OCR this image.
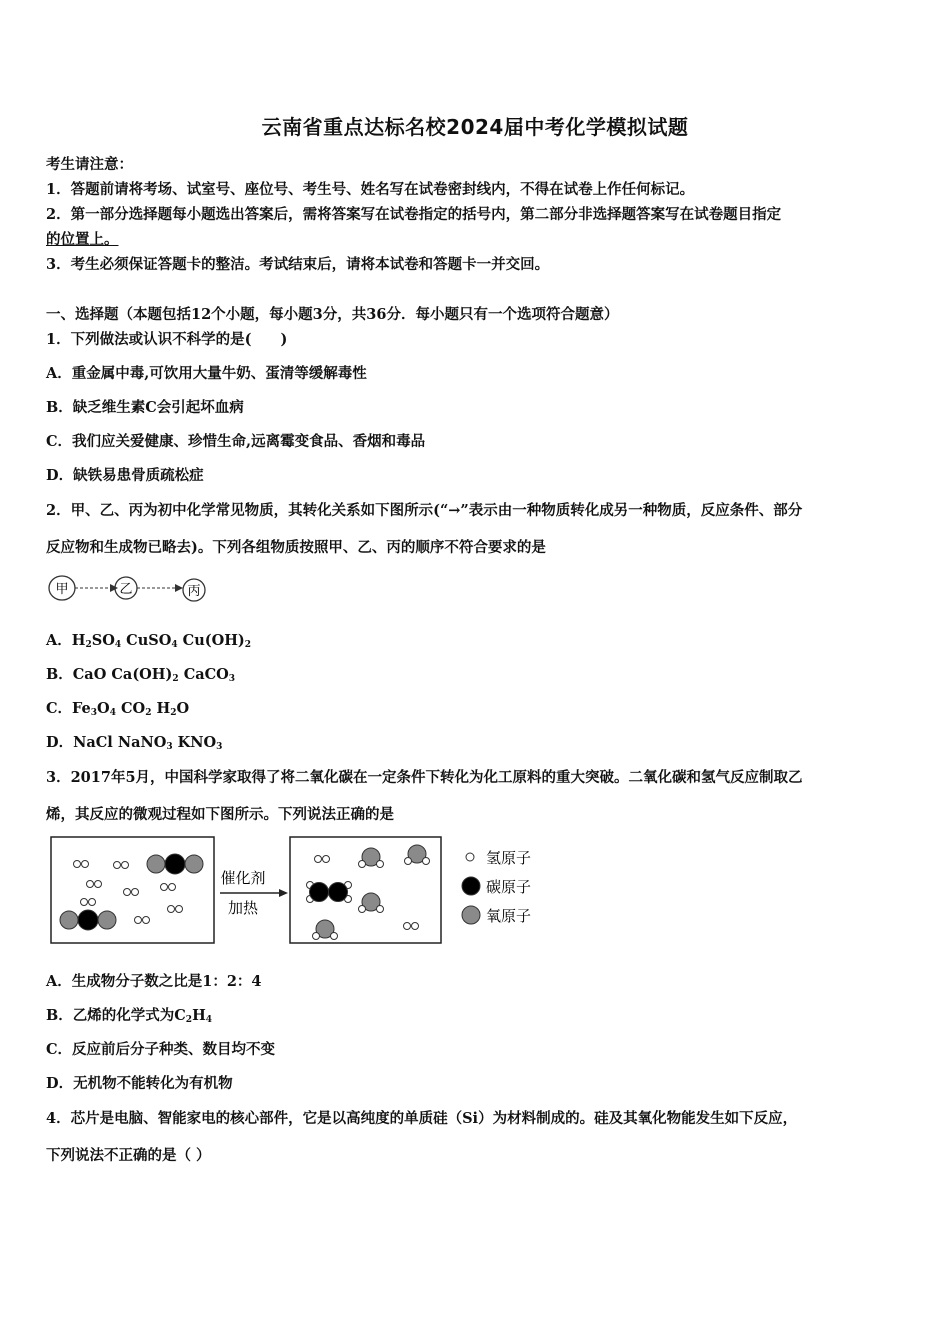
云南省重点达标名校2024届中考化学模拟试题
考生请注意：
1．答题前请将考场、试室号、座位号、考生号、姓名写在试卷密封线内，不得在试卷上作任何标记。
2．第一部分选择题每小题选出答案后，需将答案写在试卷指定的括号内，第二部分非选择题答案写在试卷题目指定
的位置上。
3．考生必须保证答题卡的整洁。考试结束后，请将本试卷和答题卡一并交回。
一、选择题（本题包括12个小题，每小题3分，共36分．每小题只有一个选项符合题意）
1．下列做法或认识不科学的是(　　)
A．重金属中毒,可饮用大量牛奶、蛋清等缓解毒性
B．缺乏维生素C会引起坏血病
C．我们应关爱健康、珍惜生命,远离霉变食品、香烟和毒品
D．缺铁易患骨质疏松症
2．甲、乙、丙为初中化学常见物质，其转化关系如下图所示(“→”表示由一种物质转化成另一种物质，反应条件、部分
反应物和生成物已略去)。下列各组物质按照甲、乙、丙的顺序不符合要求的是
甲	乙	丙
A．$H_2SO_4$ CuSO$_4$ $Cu(OH)_2$
B．CaO $Ca(OH)_2$ CaCO$_3$
C．$Fe_3O_4$ $CO_2$ $H_2O$
D．NaCl NaNO$_3$ $KNO_3$
3．2017年5月，中国科学家取得了将二氧化碳在一定条件下转化为化工原料的重大突破。二氧化碳和氢气反应制取乙
烯，其反应的微观过程如下图所示。下列说法正确的是
催化剂
加热
氢原子
碳原子
氧原子
A．生成物分子数之比是1：2：4
B．乙烯的化学式为$C_2H_4$
C．反应前后分子种类、数目均不变
D．无机物不能转化为有机物
4．芯片是电脑、智能家电的核心部件，它是以高纯度的单质硅（Si）为材料制成的。硅及其氧化物能发生如下反应，
下列说法不正确的是（ ）
